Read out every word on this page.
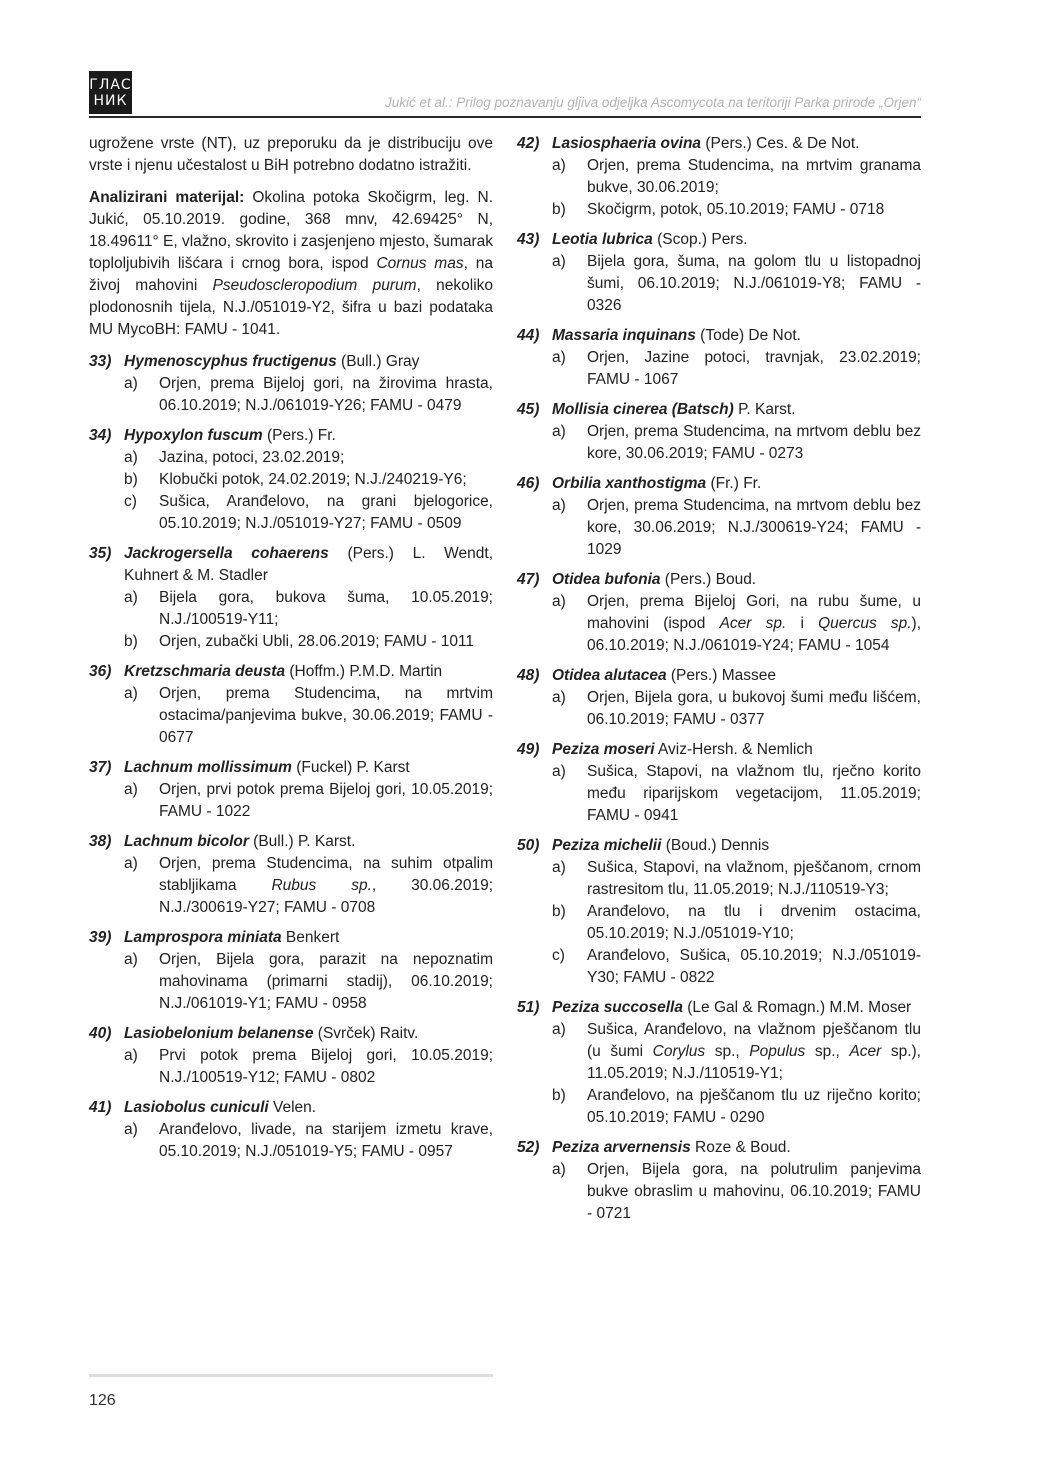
ГЛАС
НИК	Jukić et al.: Prilog poznavanju gljiva odjeljka Ascomycota na teritoriji Parka prirode „Orjen“

ugrožene vrste (NT), uz preporuku da je distribuciju ove vrste i njenu učestalost u BiH potrebno dodatno istražiti.

Analizirani materijal: Okolina potoka Skočigrm, leg. N. Jukić, 05.10.2019. godine, 368 mnv, 42.69425° N, 18.49611° E, vlažno, skrovito i zasjenjeno mjesto, šumarak toploljubivih lišćara i crnog bora, ispod Cornus mas, na živoj mahovini Pseudoscleropodium purum, nekoliko plodonosnih tijela, N.J./051019-Y2, šifra u bazi podataka MU MycoBH: FAMU - 1041.

33) Hymenoscyphus fructigenus (Bull.) Gray
a)	Orjen, prema Bijeloj gori, na žirovima hrasta, 06.10.2019; N.J./061019-Y26; FAMU - 0479
34) Hypoxylon fuscum (Pers.) Fr.
a)	Jazina, potoci, 23.02.2019;
b)	Klobučki potok, 24.02.2019; N.J./240219-Y6;
c)	Sušica, Aranđelovo, na grani bjelogorice, 05.10.2019; N.J./051019-Y27; FAMU - 0509
35) Jackrogersella cohaerens (Pers.) L. Wendt, Kuhnert & M. Stadler
a)	Bijela gora, bukova šuma, 10.05.2019; N.J./100519-Y11;
b)	Orjen, zubački Ubli, 28.06.2019; FAMU - 1011
36) Kretzschmaria deusta (Hoffm.) P.M.D. Martin
a)	Orjen, prema Studencima, na mrtvim ostacima/panjevima bukve, 30.06.2019; FAMU - 0677
37) Lachnum mollissimum (Fuckel) P. Karst
a)	Orjen, prvi potok prema Bijeloj gori, 10.05.2019; FAMU - 1022
38) Lachnum bicolor (Bull.) P. Karst.
a)	Orjen, prema Studencima, na suhim otpalim stabljikama Rubus sp., 30.06.2019; N.J./300619-Y27; FAMU - 0708
39) Lamprospora miniata Benkert
a)	Orjen, Bijela gora, parazit na nepoznatim mahovinama (primarni stadij), 06.10.2019; N.J./061019-Y1; FAMU - 0958
40) Lasiobelonium belanense (Svrček) Raitv.
a)	Prvi potok prema Bijeloj gori, 10.05.2019; N.J./100519-Y12; FAMU - 0802
41) Lasiobolus cuniculi Velen.
a)	Aranđelovo, livade, na starijem izmetu krave, 05.10.2019; N.J./051019-Y5; FAMU - 0957
42) Lasiosphaeria ovina (Pers.) Ces. & De Not.
a)	Orjen, prema Studencima, na mrtvim granama bukve, 30.06.2019;
b)	Skočigrm, potok, 05.10.2019; FAMU - 0718
43) Leotia lubrica (Scop.) Pers.
a)	Bijela gora, šuma, na golom tlu u listopadnoj šumi, 06.10.2019; N.J./061019-Y8; FAMU - 0326
44) Massaria inquinans (Tode) De Not.
a)	Orjen, Jazine potoci, travnjak, 23.02.2019; FAMU - 1067
45) Mollisia cinerea (Batsch) P. Karst.
a)	Orjen, prema Studencima, na mrtvom deblu bez kore, 30.06.2019; FAMU - 0273
46) Orbilia xanthostigma (Fr.) Fr.
a)	Orjen, prema Studencima, na mrtvom deblu bez kore, 30.06.2019; N.J./300619-Y24; FAMU - 1029
47) Otidea bufonia (Pers.) Boud.
a)	Orjen, prema Bijeloj Gori, na rubu šume, u mahovini (ispod Acer sp. i Quercus sp.), 06.10.2019; N.J./061019-Y24; FAMU - 1054
48) Otidea alutacea (Pers.) Massee
a)	Orjen, Bijela gora, u bukovoj šumi među lišćem, 06.10.2019; FAMU - 0377
49) Peziza moseri Aviz-Hersh. & Nemlich
a)	Sušica, Stapovi, na vlažnom tlu, rječno korito među riparijskom vegetacijom, 11.05.2019; FAMU - 0941
50) Peziza michelii (Boud.) Dennis
a)	Sušica, Stapovi, na vlažnom, pješčanom, crnom rastresitom tlu, 11.05.2019; N.J./110519-Y3;
b)	Aranđelovo, na tlu i drvenim ostacima, 05.10.2019; N.J./051019-Y10;
c)	Aranđelovo, Sušica, 05.10.2019; N.J./051019-Y30; FAMU - 0822
51) Peziza succosella (Le Gal & Romagn.) M.M. Moser
a)	Sušica, Aranđelovo, na vlažnom pješčanom tlu (u šumi Corylus sp., Populus sp., Acer sp.), 11.05.2019; N.J./110519-Y1;
b)	Aranđelovo, na pješčanom tlu uz riječno korito; 05.10.2019; FAMU - 0290
52) Peziza arvernensis Roze & Boud.
a)	Orjen, Bijela gora, na polutrulim panjevima bukve obraslim u mahovinu, 06.10.2019; FAMU - 0721
126
